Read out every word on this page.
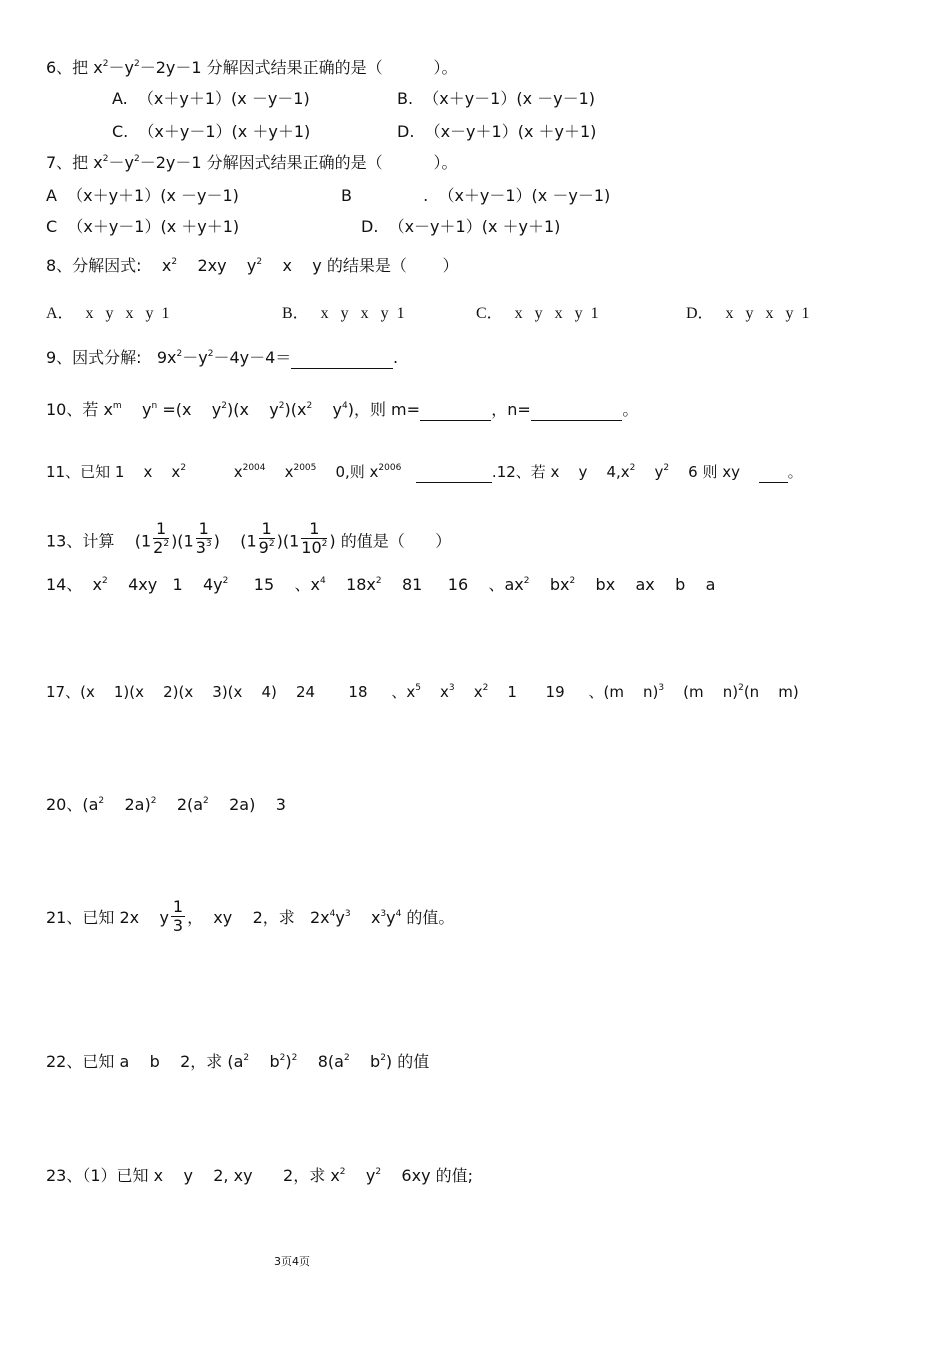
6、把 $x^2-y^2-2y-1$ 分解因式结果正确的是（          ）。
A.  （x＋y＋1）(x －y－1)	B.  （x＋y－1）(x －y－1)
C.  （x＋y－1）(x ＋y＋1)	D.  （x－y＋1）(x ＋y＋1)
7、把 $x^2-y^2-2y-1$ 分解因式结果正确的是（          ）。
A  （x＋y＋1）(x －y－1)	B              .  （x＋y－1）(x －y－1)
C  （x＋y－1）(x ＋y＋1)	D.  （x－y＋1）(x ＋y＋1)
8、分解因式:    $x^2$    2xy    $y^2$    x    y 的结果是（       ）
A．   x   y   x   y  1	B．   x   y   x   y  1	C．   x   y   x   y  1	D．   x   y   x   y  1
9、因式分解:   $9x^2-y^2-4y-4=$	.
10、若 $x^m$    $y^n =(x$    $y^2)(x$    $y^2)(x^2$    $y^4$)，则 m=	，n=	。
11、已知 1    x    $x^2$          $x^{2004}$    $x^{2005}$    0,则 $x^{2006}$	.12、若 x    y    $4,x^2$    $y^2$    6 则 xy          。
13、计算    $(1 \frac{1}{2^2} )(1 \frac{1}{3^3}$ )    $(1 \frac{1}{9^2} )(1 \frac{1}{10^2}$ ) 的值是（      ）
14、  $x^2$    4xy   1    $4y^2$     15    、$x^4$    $18x^2$    81     16    、$ax^2$    $bx^2$    bx    ax    b    a
17、(x    1)(x    2)(x    3)(x    4)    24       18     、$x^5$    $x^3$    $x^2$    1      19     、(m    n)$^3$    (m    n)$^2$(n    m)
20、($a^2$    2a)$^2$    $2(a^2$    2a)    3
21、已知 2x    y $\frac{1}{3}$ ，  xy    2，求   $2x^4y^3$    $x^3y^4$ 的值。
22、已知 a    b    2，求 ($a^2$    $b^2)^2$    $8(a^2$    $b^2$) 的值
23、（1）已知 x    y    2, xy      2，求 $x^2$    $y^2$    6xy 的值;
3页4页
